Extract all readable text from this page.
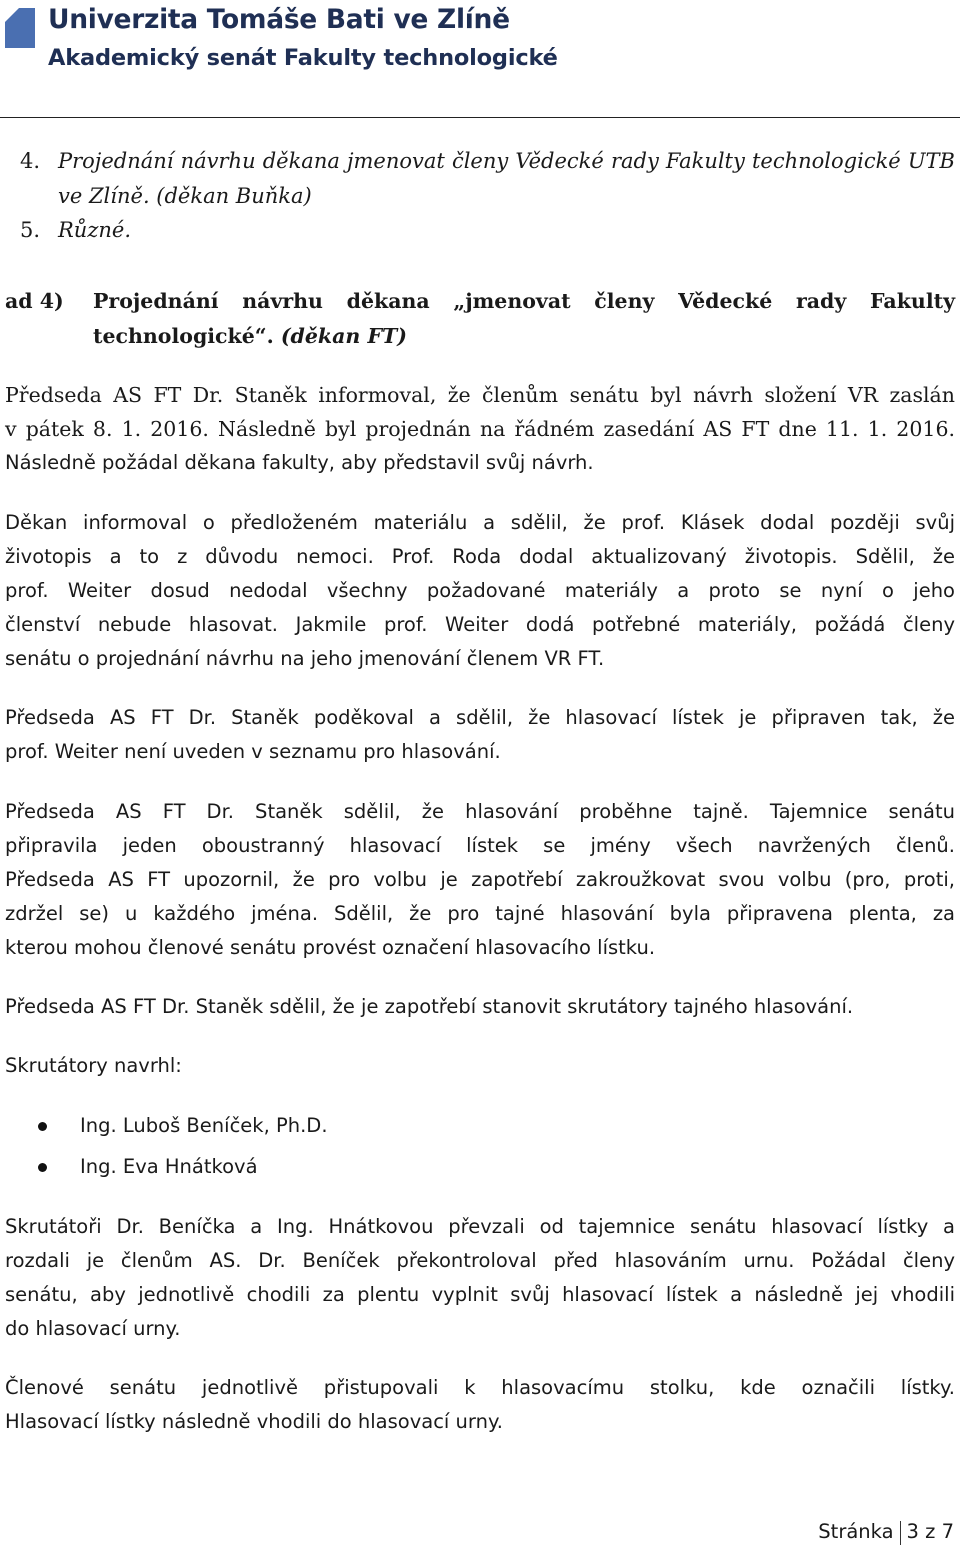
Univerzita Tomáše Bati ve Zlíně
Akademický senát Fakulty technologické
4. Projednání návrhu děkana jmenovat členy Vědecké rady Fakulty technologické UTB
ve Zlíně. (děkan Buňka)
5. Různé.
ad 4) Projednání návrhu děkana „jmenovat členy Vědecké rady Fakulty
technologické“. (děkan FT)
Předseda AS FT Dr. Staněk informoval, že členům senátu byl návrh složení VR zaslán
v pátek 8. 1. 2016. Následně byl projednán na řádném zasedání AS FT dne 11. 1. 2016.
Následně požádal děkana fakulty, aby představil svůj návrh.
Děkan informoval o předloženém materiálu a sdělil, že prof. Klásek dodal později svůj
životopis a to z důvodu nemoci. Prof. Roda dodal aktualizovaný životopis. Sdělil, že
prof. Weiter dosud nedodal všechny požadované materiály a proto se nyní o jeho
členství nebude hlasovat. Jakmile prof. Weiter dodá potřebné materiály, požádá členy
senátu o projednání návrhu na jeho jmenování členem VR FT.
Předseda AS FT Dr. Staněk poděkoval a sdělil, že hlasovací lístek je připraven tak, že
prof. Weiter není uveden v seznamu pro hlasování.
Předseda AS FT Dr. Staněk sdělil, že hlasování proběhne tajně. Tajemnice senátu
připravila jeden oboustranný hlasovací lístek se jmény všech navržených členů.
Předseda AS FT upozornil, že pro volbu je zapotřebí zakroužkovat svou volbu (pro, proti,
zdržel se) u každého jména. Sdělil, že pro tajné hlasování byla připravena plenta, za
kterou mohou členové senátu provést označení hlasovacího lístku.
Předseda AS FT Dr. Staněk sdělil, že je zapotřebí stanovit skrutátory tajného hlasování.
Skrutátory navrhl:
Ing. Luboš Beníček, Ph.D.
Ing. Eva Hnátková
Skrutátoři Dr. Beníčka a Ing. Hnátkovou převzali od tajemnice senátu hlasovací lístky a
rozdali je členům AS. Dr. Beníček překontroloval před hlasováním urnu. Požádal členy
senátu, aby jednotlivě chodili za plentu vyplnit svůj hlasovací lístek a následně jej vhodili
do hlasovací urny.
Členové senátu jednotlivě přistupovali k hlasovacímu stolku, kde označili lístky.
Hlasovací lístky následně vhodili do hlasovací urny.
Stránka 3 z 7
